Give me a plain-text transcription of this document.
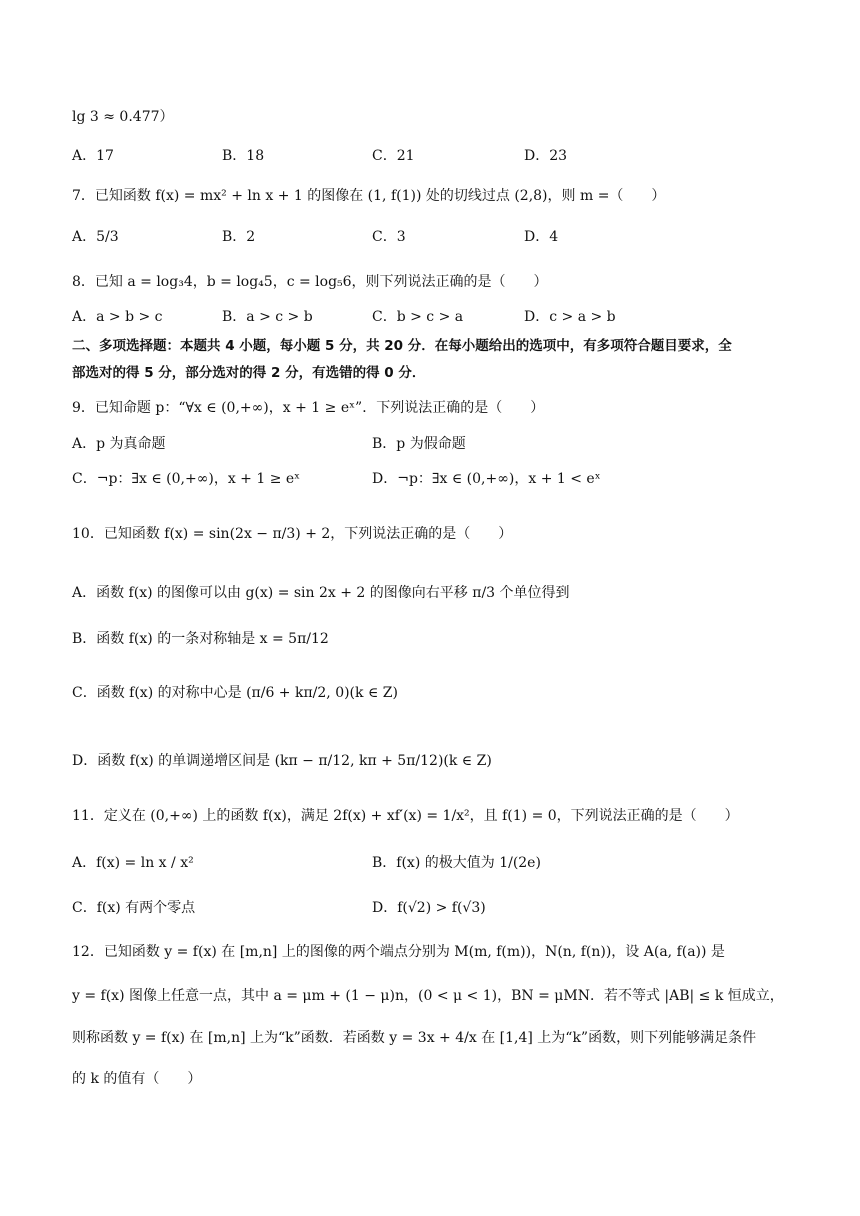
lg 3 ≈ 0.477）
A．17	B．18	C．21	D．23
7．已知函数 f(x) = mx² + ln x + 1 的图像在 (1, f(1)) 处的切线过点 (2,8)，则 m =（　　）
A．5/3	B．2	C．3	D．4
8．已知 a = log₃4，b = log₄5，c = log₅6，则下列说法正确的是（　　）
A．a > b > c	B．a > c > b	C．b > c > a	D．c > a > b
二、多项选择题：本题共 4 小题，每小题 5 分，共 20 分．在每小题给出的选项中，有多项符合题目要求，全
部选对的得 5 分，部分选对的得 2 分，有选错的得 0 分．
9．已知命题 p：“∀x ∈ (0,+∞)，x + 1 ≥ eˣ”．下列说法正确的是（　　）
A．p 为真命题	B．p 为假命题
C．¬p：∃x ∈ (0,+∞)，x + 1 ≥ eˣ	D．¬p：∃x ∈ (0,+∞)，x + 1 < eˣ
10．已知函数 f(x) = sin(2x − π/3) + 2，下列说法正确的是（　　）
A．函数 f(x) 的图像可以由 g(x) = sin 2x + 2 的图像向右平移 π/3 个单位得到
B．函数 f(x) 的一条对称轴是 x = 5π/12
C．函数 f(x) 的对称中心是 (π/6 + kπ/2, 0)(k ∈ Z)
D．函数 f(x) 的单调递增区间是 (kπ − π/12, kπ + 5π/12)(k ∈ Z)
11．定义在 (0,+∞) 上的函数 f(x)，满足 2f(x) + xf′(x) = 1/x²，且 f(1) = 0，下列说法正确的是（　　）
A．f(x) = ln x / x²	B．f(x) 的极大值为 1/(2e)
C．f(x) 有两个零点	D．f(√2) > f(√3)
12．已知函数 y = f(x) 在 [m,n] 上的图像的两个端点分别为 M(m, f(m))，N(n, f(n))，设 A(a, f(a)) 是
y = f(x) 图像上任意一点，其中 a = μm + (1 − μ)n，(0 < μ < 1)，BN = μMN．若不等式 |AB| ≤ k 恒成立，
则称函数 y = f(x) 在 [m,n] 上为“k”函数．若函数 y = 3x + 4/x 在 [1,4] 上为“k”函数，则下列能够满足条件
的 k 的值有（　　）
